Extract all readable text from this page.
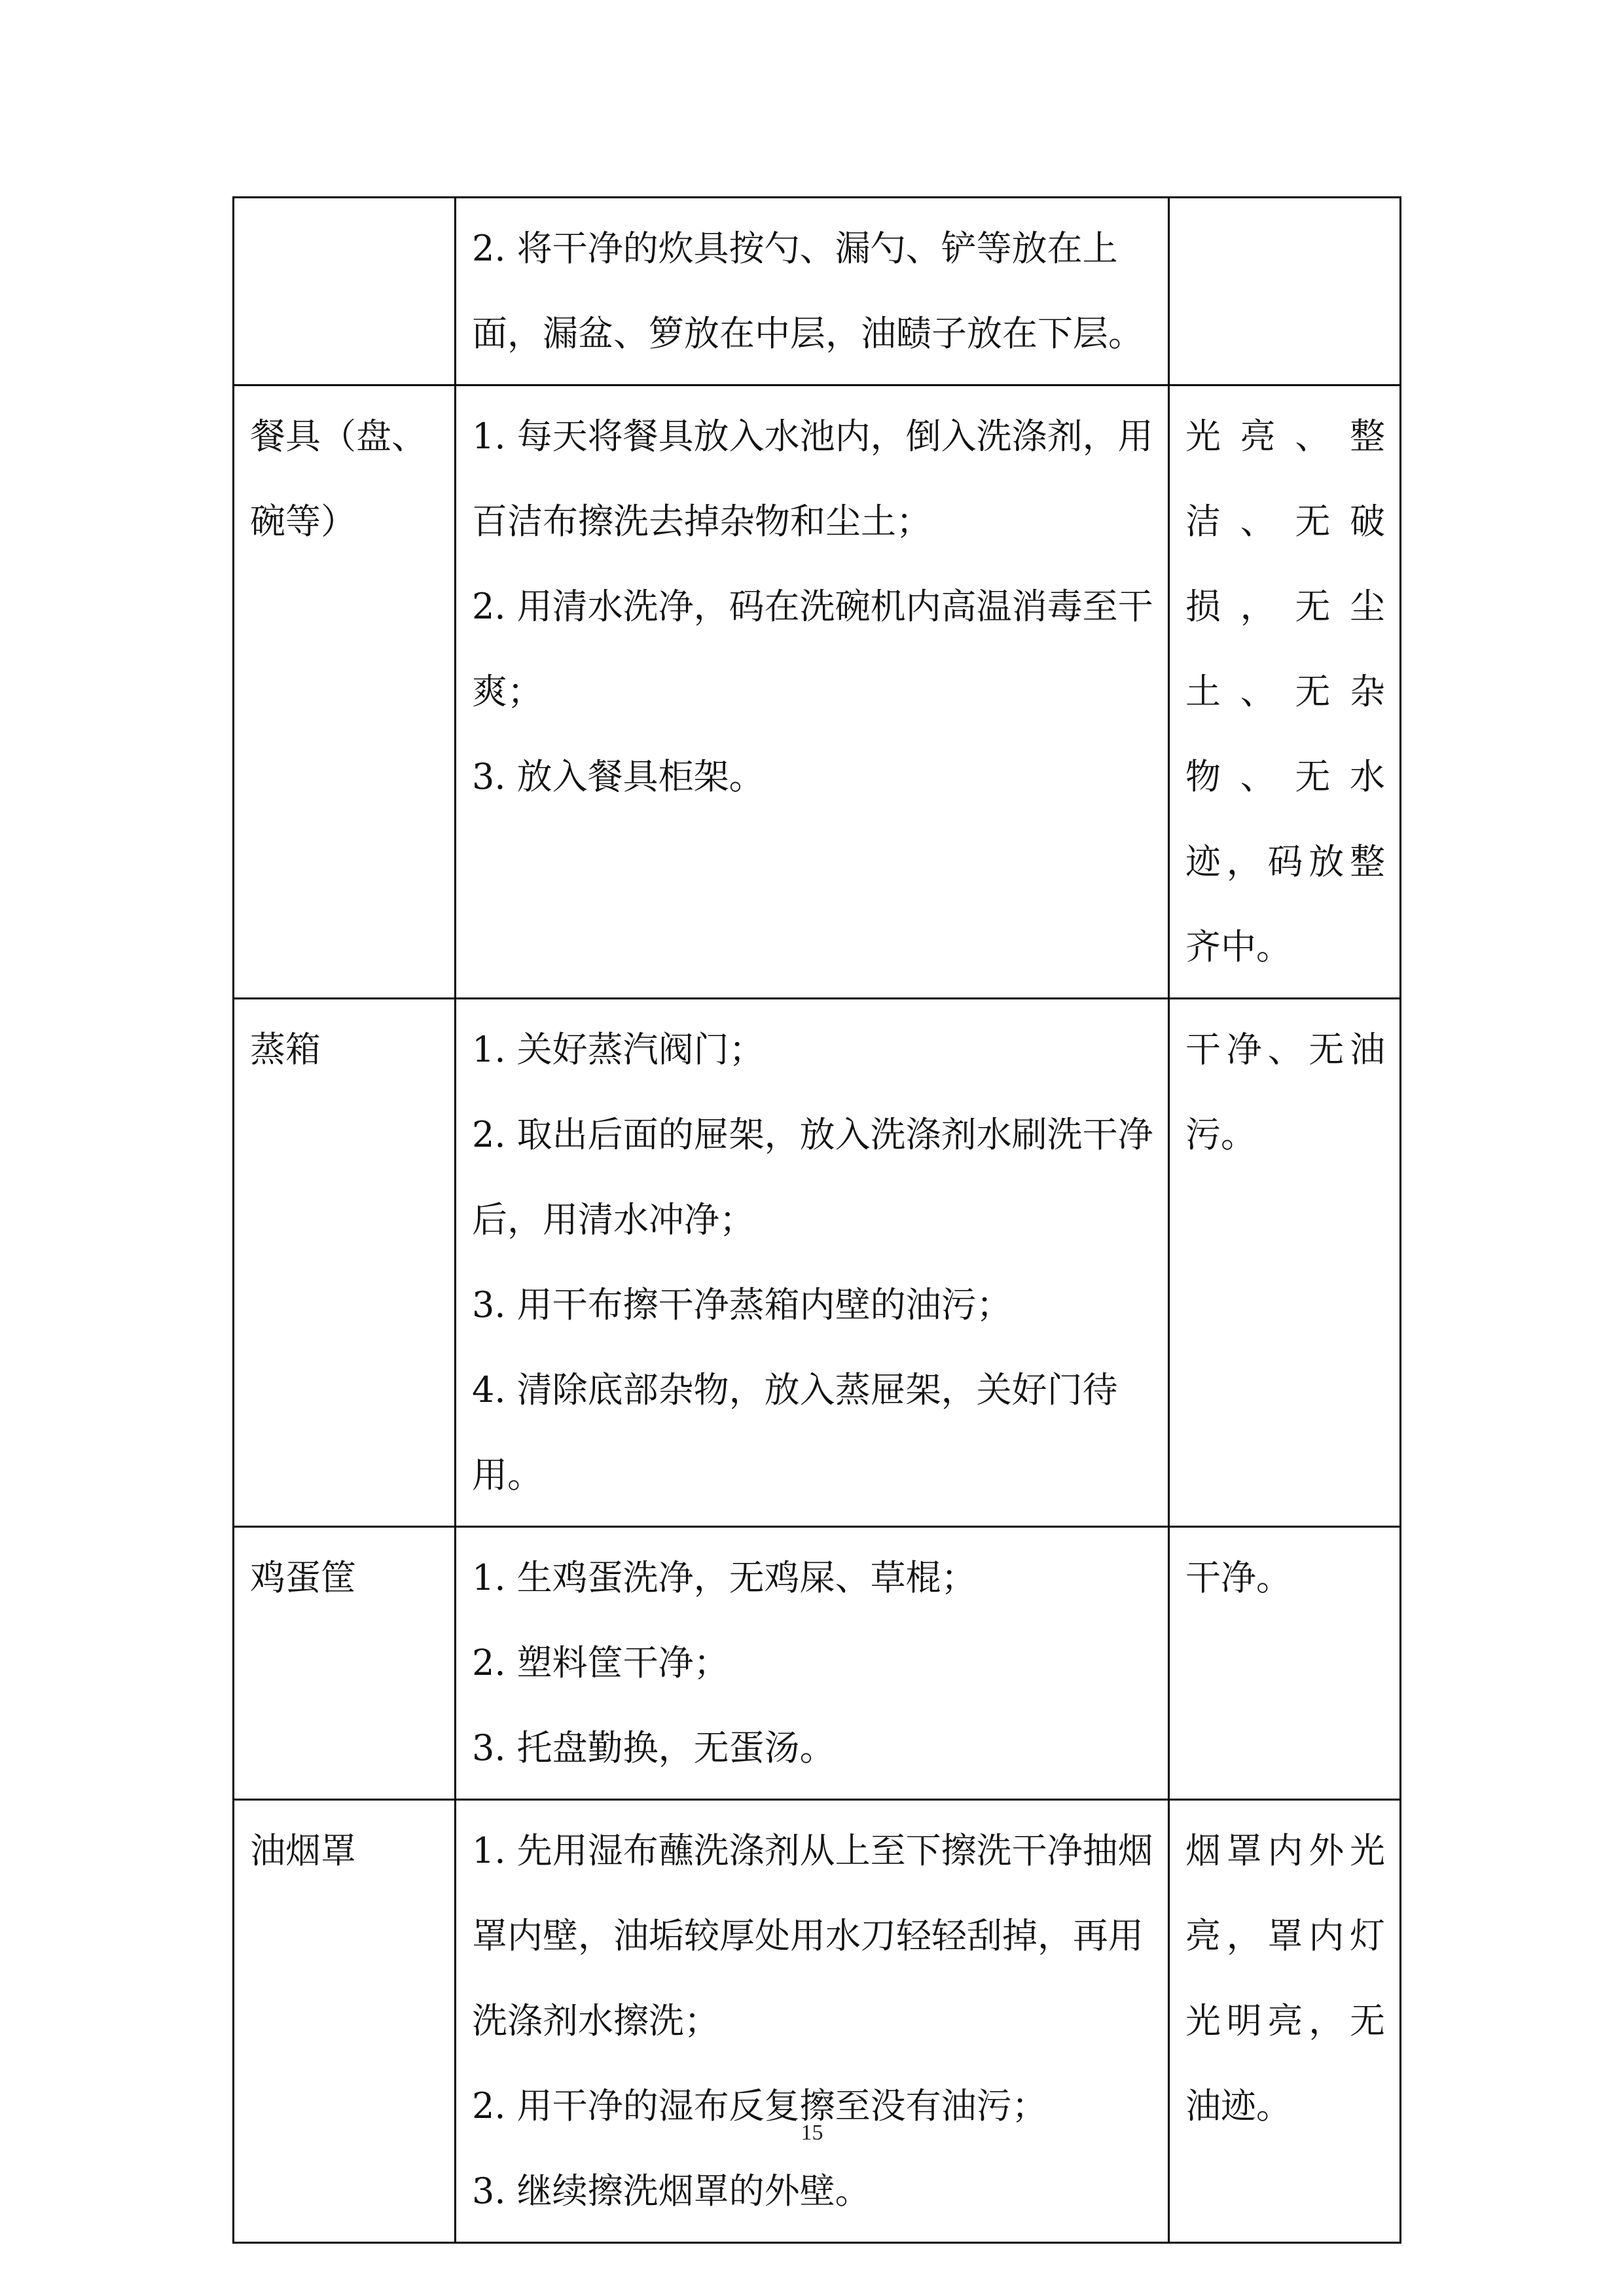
	2. 将干净的炊具按勺、漏勺、铲等放在上面，漏盆、箩放在中层，油赜子放在下层。	

餐具（盘、碗等）	1. 每天将餐具放入水池内，倒入洗涤剂，用百洁布擦洗去掉杂物和尘土；
2. 用清水洗净，码在洗碗机内高温消毒至干爽；
3. 放入餐具柜架。	光亮、整洁、无破损，无尘土、无杂物、无水迹，码放整齐中。
蒸箱	1. 关好蒸汽阀门；
2. 取出后面的屉架，放入洗涤剂水刷洗干净后，用清水冲净；
3. 用干布擦干净蒸箱内壁的油污；
4. 清除底部杂物，放入蒸屉架，关好门待用。	干净、无油污。
鸡蛋筐	1. 生鸡蛋洗净，无鸡屎、草棍；
2. 塑料筐干净；
3. 托盘勤换，无蛋汤。	干净。
油烟罩	1. 先用湿布蘸洗涤剂从上至下擦洗干净抽烟罩内壁，油垢较厚处用水刀轻轻刮掉，再用洗涤剂水擦洗；
2. 用干净的湿布反复擦至没有油污；
3. 继续擦洗烟罩的外壁。	烟罩内外光亮，罩内灯光明亮，无油迹。
15
